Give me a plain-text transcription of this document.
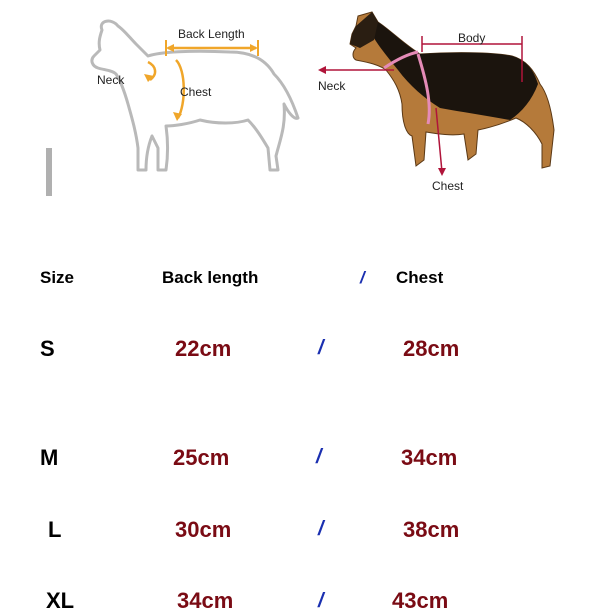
Back Length
Neck
Chest
Body
Neck
Chest
Size	Back length	/ Chest
S	22cm	/	28cm
M	25cm	/	34cm
L	30cm	/	38cm
XL	34cm	/	43cm
